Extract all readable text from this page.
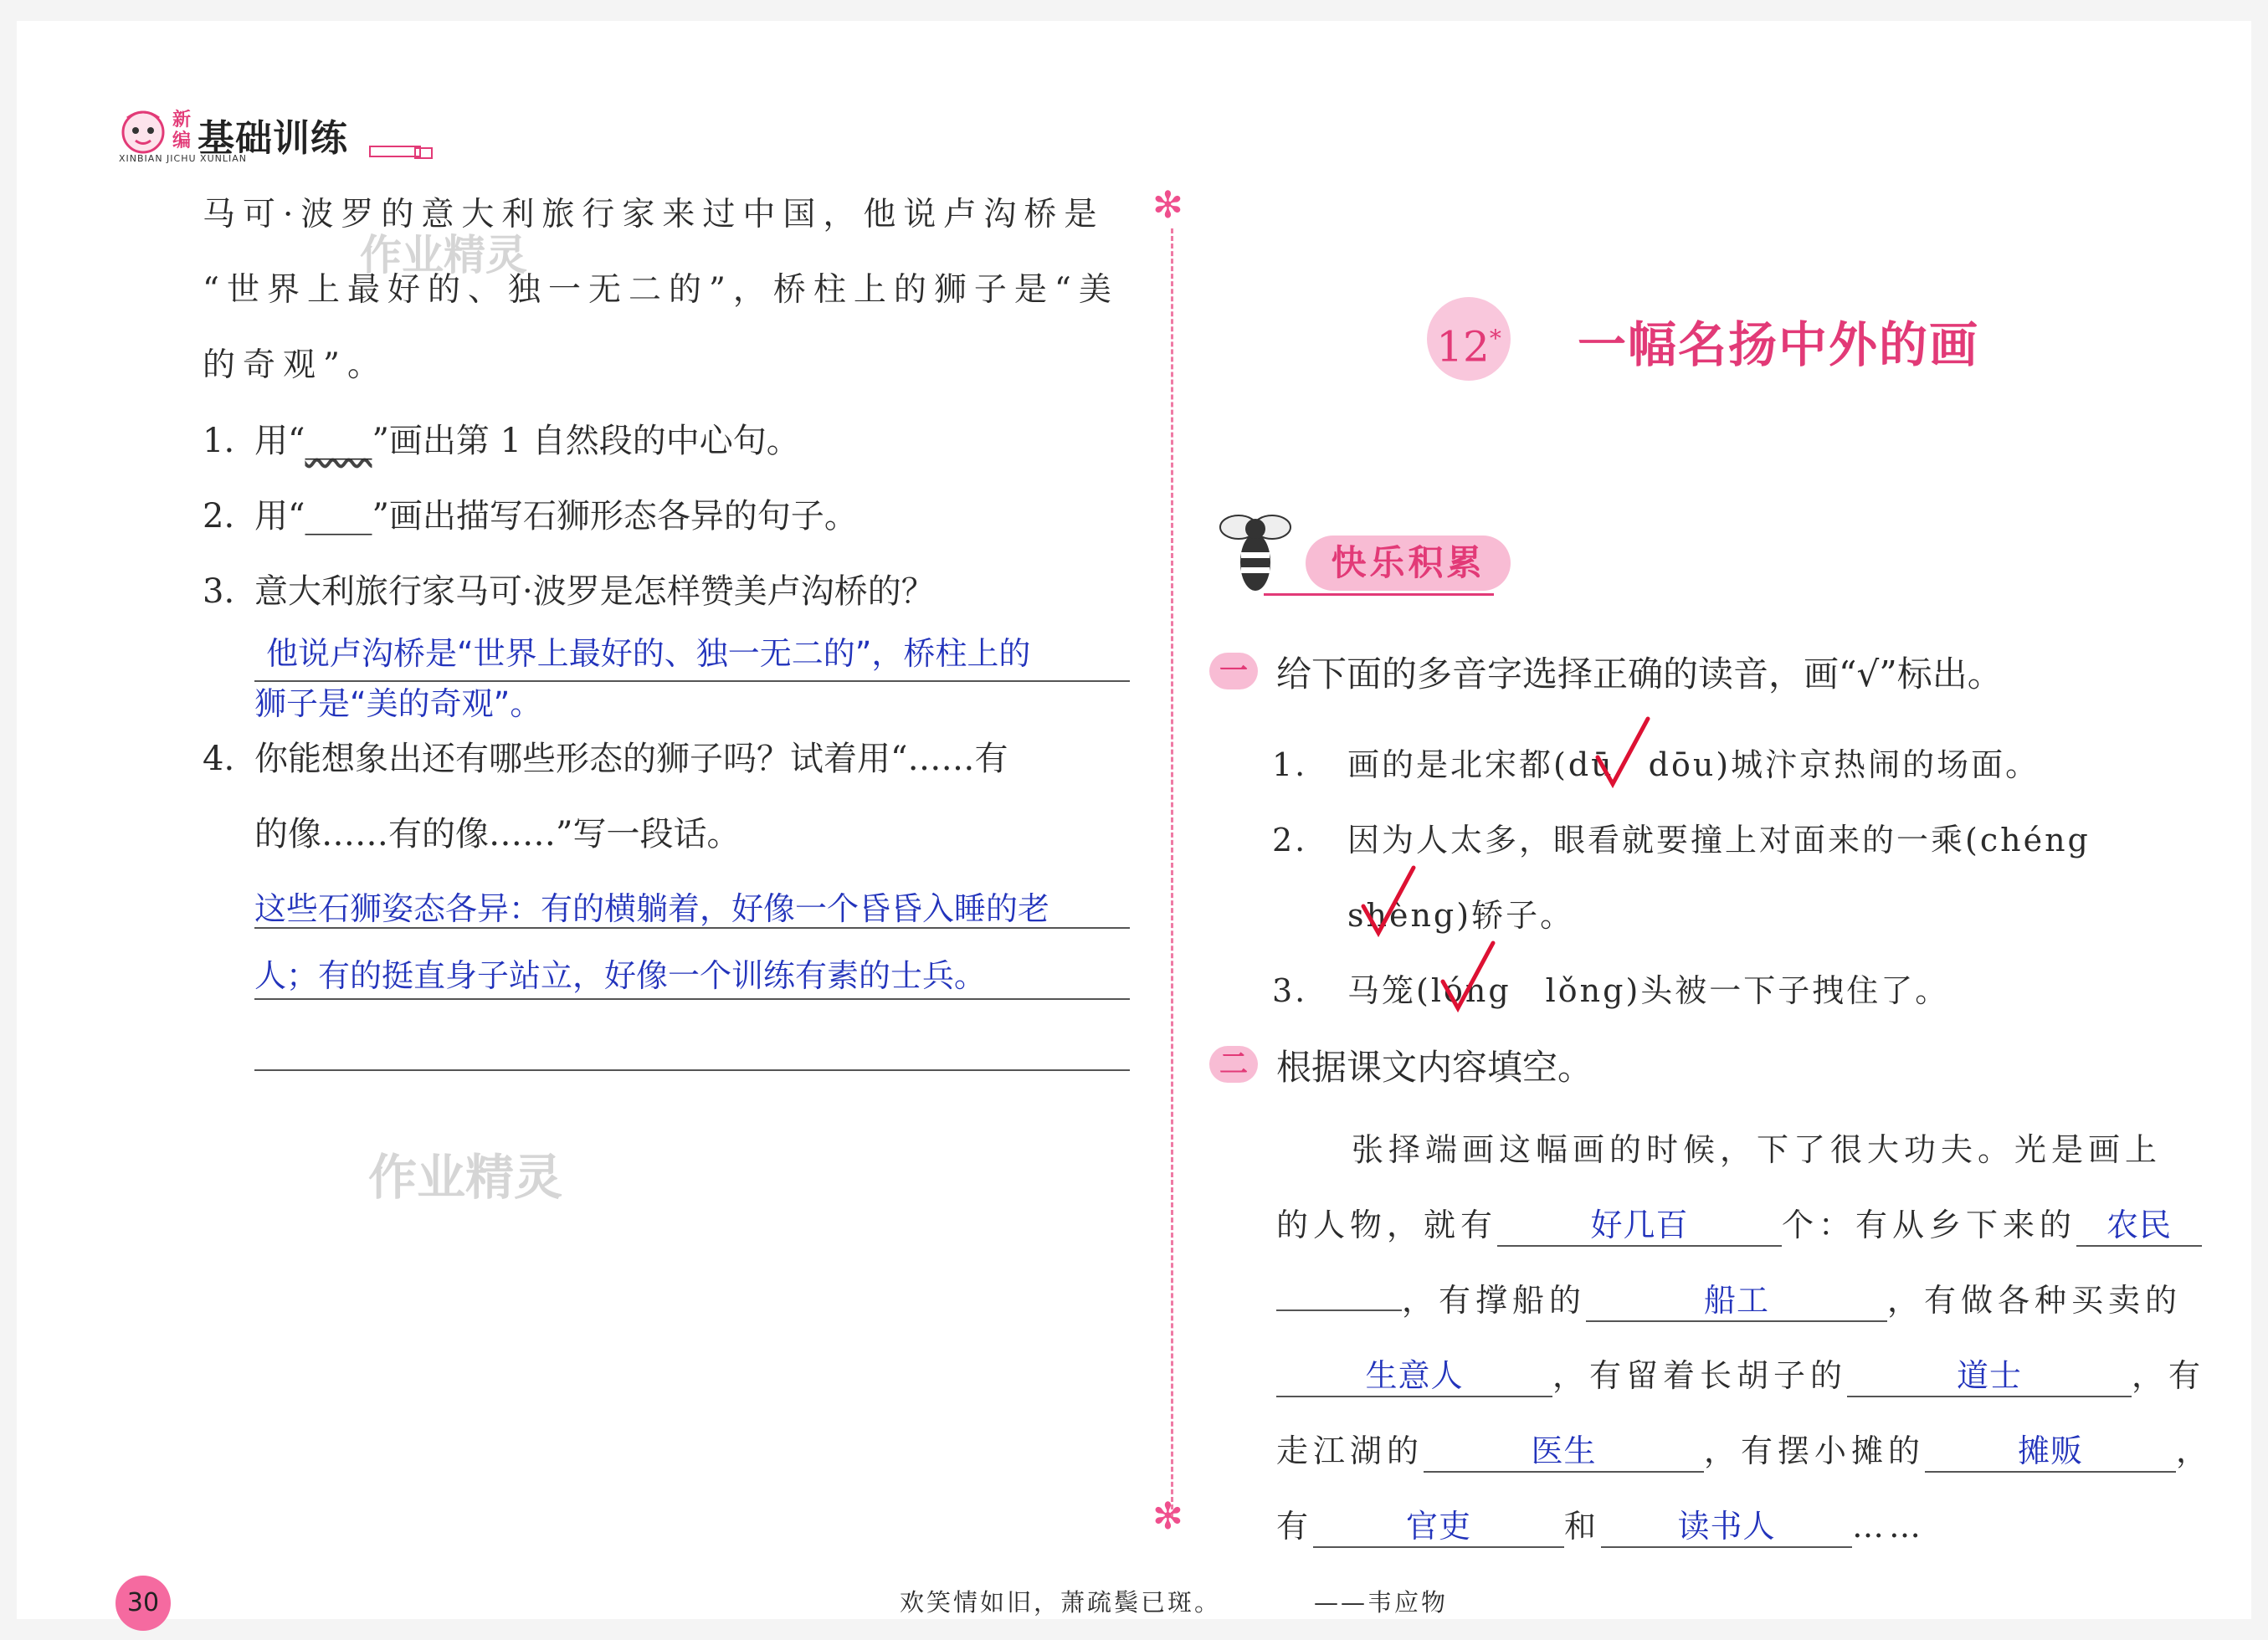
新编 基础训练
XINBIAN JICHU XUNLIAN
✻
✻
作业精灵
马可·波罗的意大利旅行家来过中国，他说卢沟桥是
“世界上最好的、独一无二的”，桥柱上的狮子是“美
的奇观”。
1. 用“____”画出第 1 自然段的中心句。
2. 用“____”画出描写石狮形态各异的句子。
3. 意大利旅行家马可·波罗是怎样赞美卢沟桥的？
他说卢沟桥是“世界上最好的、独一无二的”，桥柱上的
狮子是“美的奇观”。
4. 你能想象出还有哪些形态的狮子吗？试着用“……有
的像……有的像……”写一段话。
这些石狮姿态各异：有的横躺着，好像一个昏昏入睡的老
人；有的挺直身子站立，好像一个训练有素的士兵。
作业精灵
12* 一幅名扬中外的画
快乐积累
一 给下面的多音字选择正确的读音，画“√”标出。
1. 画的是北宋都(dū　dōu)城汴京热闹的场面。
2. 因为人太多，眼看就要撞上对面来的一乘(chéng
shèng)轿子。
3. 马笼(lóng　lǒng)头被一下子拽住了。
二 根据课文内容填空。
张择端画这幅画的时候，下了很大功夫。光是画上
的人物，就有	好几百	个：有从乡下来的 农民
，有撑船的	船工	，有做各种买卖的
生意人	，有留着长胡子的	道士	，有
走江湖的	医生	，有摆小摊的	摊贩	，
有	官吏	和 读书人 ……
30	欢笑情如旧，萧疏鬓已斑。	——韦应物
